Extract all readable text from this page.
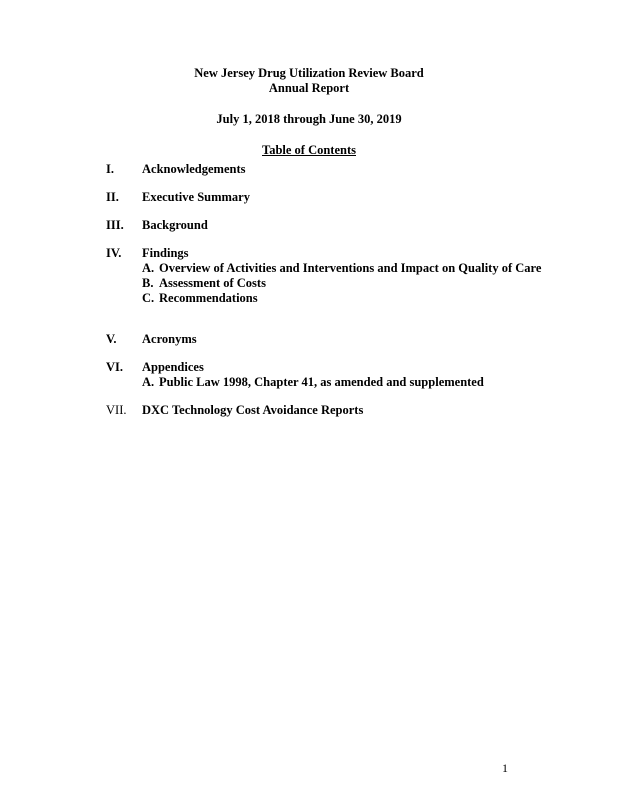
New Jersey Drug Utilization Review Board
Annual Report
July 1, 2018 through June 30, 2019
Table of Contents
I.	Acknowledgements
II.	Executive Summary
III.	Background
IV.	Findings
A. Overview of Activities and Interventions and Impact on Quality of Care
B. Assessment of Costs
C. Recommendations
V.	Acronyms
VI.	Appendices
A. Public Law 1998, Chapter 41, as amended and supplemented
VII.	DXC Technology Cost Avoidance Reports
1
